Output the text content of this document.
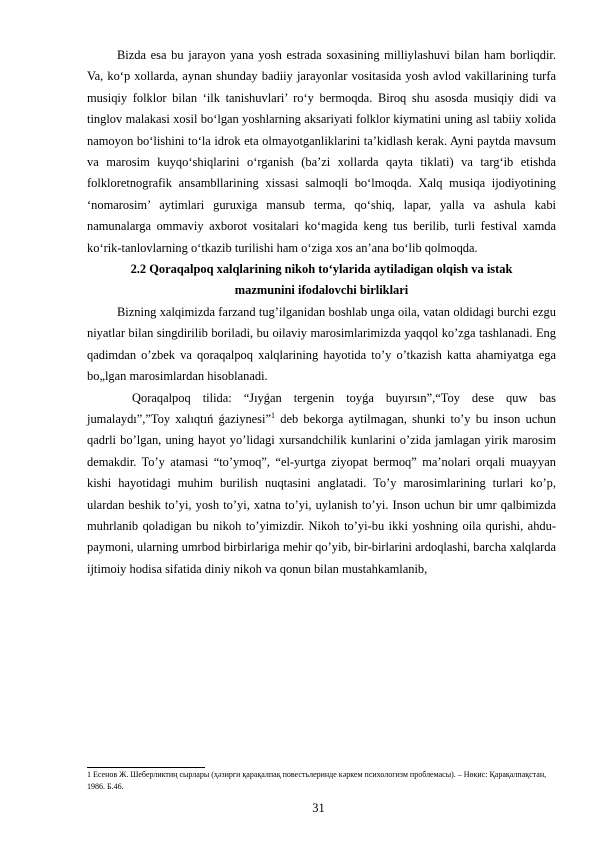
Bizda esa bu jarayon yana yosh estrada soxasining milliylashuvi bilan ham borliqdir. Va, ko‘p xollarda, aynan shunday badiiy jarayonlar vositasida yosh avlod vakillarining turfa musiqiy folklor bilan ‘ilk tanishuvlari’ ro‘y bermoqda. Biroq shu asosda musiqiy didi va tinglov malakasi xosil bo‘lgan yoshlarning aksariyati folklor kiymatini uning asl tabiiy xolida namoyon bo‘lishini to‘la idrok eta olmayotganliklarini ta’kidlash kerak. Ayni paytda mavsum va marosim kuyqo‘shiqlarini o‘rganish (ba’zi xollarda qayta tiklati) va targ‘ib etishda folkloretnografik ansambllarining xissasi salmoqli bo‘lmoqda. Xalq musiqa ijodiyotining ‘nomarosim’ aytimlari guruxiga mansub terma, qo‘shiq, lapar, yalla va ashula kabi namunalarga ommaviy axborot vositalari ko‘magida keng tus berilib, turli festival xamda ko‘rik-tanlovlarning o‘tkazib turilishi ham o‘ziga xos an’ana bo‘lib qolmoqda.

2.2 Qoraqalpoq xalqlarining nikoh to‘ylarida aytiladigan olqish va istak

mazmunini ifodalovchi birliklari

Bizning xalqimizda farzand tug’ilganidan boshlab unga oila, vatan oldidagi burchi ezgu niyatlar bilan singdirilib boriladi, bu oilaviy marosimlarimizda yaqqol ko’zga tashlanadi. Eng qadimdan o’zbek va qoraqalpoq xalqlarining hayotida to’y o’tkazish katta ahamiyatga ega bo„lgan marosimlardan hisoblanadi.

Qoraqalpoq tilida: “Jıyǵan tergenin toyǵa buyırsın”,“Toy dese quw bas jumalaydı”,”Toy xalıqtıń ǵaziynesi”$^1$ deb bekorga aytilmagan, shunki to’y bu inson uchun qadrli bo’lgan, uning hayot yo’lidagi xursandchilik kunlarini o’zida jamlagan yirik marosim demakdir. To’y atamasi “to’ymoq”, “el-yurtga ziyopat bermoq” ma’nolari orqali muayyan kishi hayotidagi muhim burilish nuqtasini anglatadi. To’y marosimlarining turlari ko’p, ulardan beshik to’yi, yosh to’yi, xatna to’yi, uylanish to’yi. Inson uchun bir umr qalbimizda muhrlanib qoladigan bu nikoh to’yimizdir. Nikoh to’yi-bu ikki yoshning oila qurishi, ahdu-paymoni, ularning umrbod birbirlariga mehir qo’yib, bir-birlarini ardoqlashi, barcha xalqlarda ijtimoiy hodisa sifatida diniy nikoh va qonun bilan mustahkamlanib,

1 Есенов Ж. Шеберликтиң сырлары (ҳәзирги қарақалпақ повестьлеринде кәркем психологизм проблемасы). – Нөкис: Қарақалпақстан, 1986. Б.46.
31
